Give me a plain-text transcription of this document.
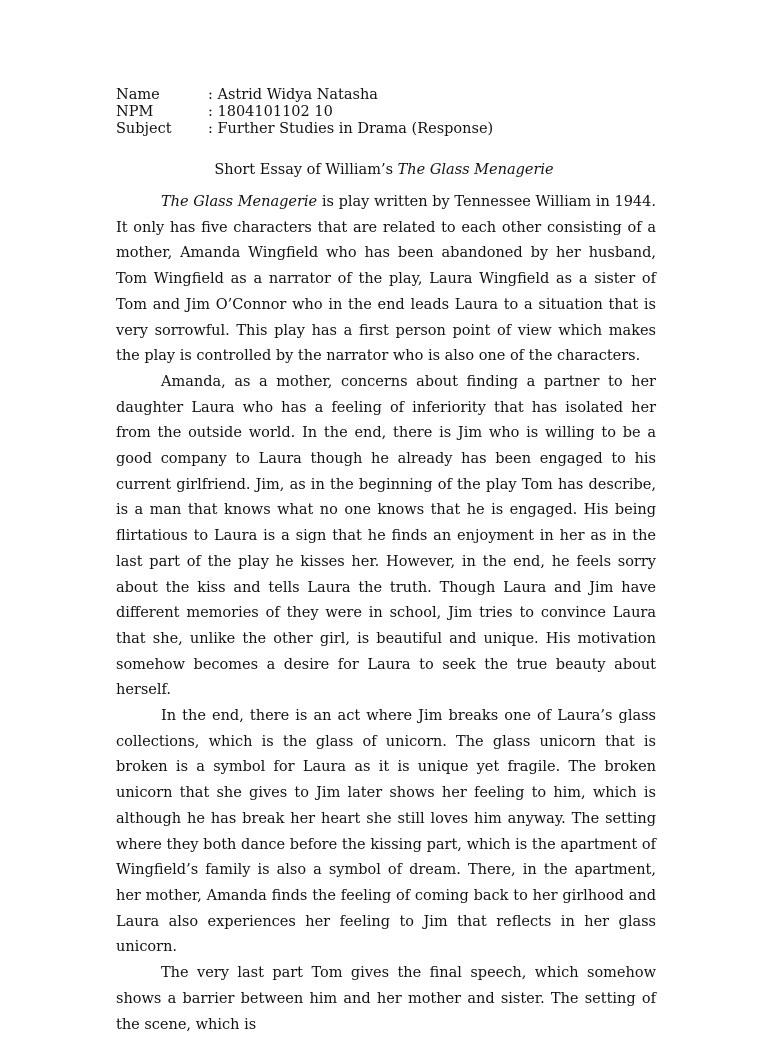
Name	: Astrid Widya Natasha
NPM	: 1804101102 10
Subject	: Further Studies in Drama (Response)
Short Essay of William’s The Glass Menagerie

The Glass Menagerie is play written by Tennessee William in 1944. It only has five characters that are related to each other consisting of a mother, Amanda Wingfield who has been abandoned by her husband, Tom Wingfield as a narrator of the play, Laura Wingfield as a sister of Tom and Jim O’Connor who in the end leads Laura to a situation that is very sorrowful. This play has a first person point of view which makes the play is controlled by the narrator who is also one of the characters.

Amanda, as a mother, concerns about finding a partner to her daughter Laura who has a feeling of inferiority that has isolated her from the outside world. In the end, there is Jim who is willing to be a good company to Laura though he already has been engaged to his current girlfriend. Jim, as in the beginning of the play Tom has describe, is a man that knows what no one knows that he is engaged. His being flirtatious to Laura is a sign that he finds an enjoyment in her as in the last part of the play he kisses her. However, in the end, he feels sorry about the kiss and tells Laura the truth. Though Laura and Jim have different memories of they were in school, Jim tries to convince Laura that she, unlike the other girl, is beautiful and unique. His motivation somehow becomes a desire for Laura to seek the true beauty about herself.

In the end, there is an act where Jim breaks one of Laura’s glass collections, which is the glass of unicorn. The glass unicorn that is broken is a symbol for Laura as it is unique yet fragile. The broken unicorn that she gives to Jim later shows her feeling to him, which is although he has break her heart she still loves him anyway. The setting where they both dance before the kissing part, which is the apartment of Wingfield’s family is also a symbol of dream. There, in the apartment, her mother, Amanda finds the feeling of coming back to her girlhood and Laura also experiences her feeling to Jim that reflects in her glass unicorn.

The very last part Tom gives the final speech, which somehow shows a barrier between him and her mother and sister. The setting of the scene, which is
